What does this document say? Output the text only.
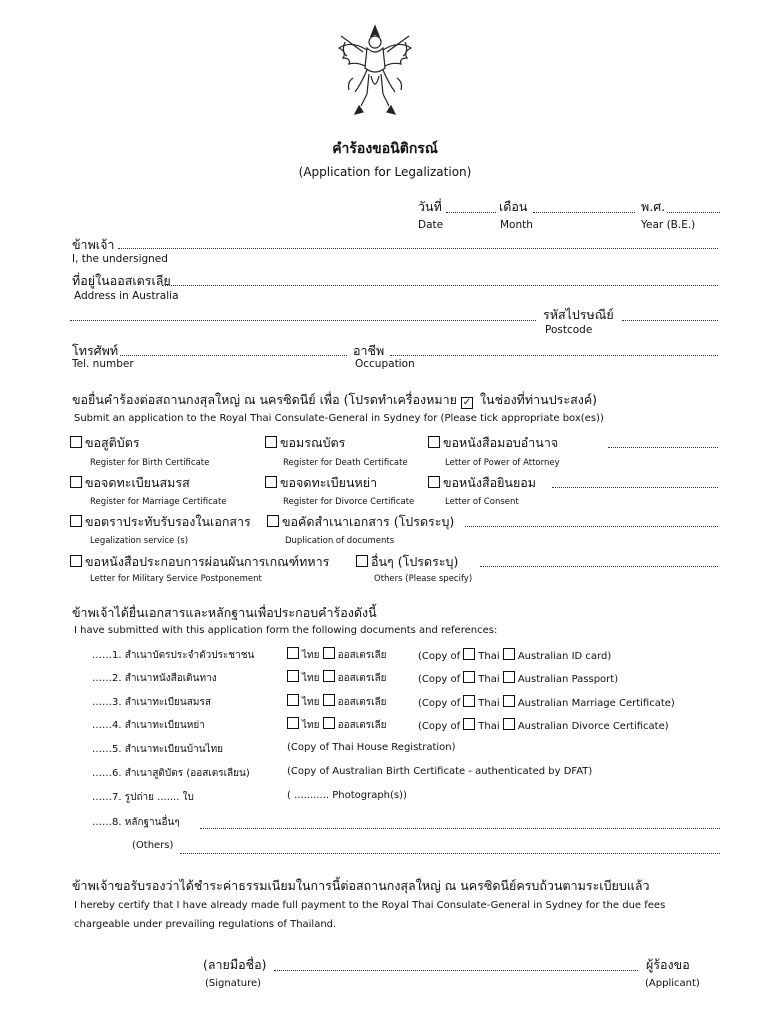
คำร้องขอนิติกรณ์
(Application for Legalization)
วันที่	เดือน	พ.ศ.
Date	Month	Year (B.E.)
ข้าพเจ้า
I, the undersigned
ที่อยู่ในออสเตรเลีย
Address in Australia
รหัสไปรษณีย์
Postcode
โทรศัพท์	อาชีพ
Tel. number	Occupation
ขอยื่นคำร้องต่อสถานกงสุลใหญ่ ณ นครซิดนีย์ เพื่อ (โปรดทำเครื่องหมาย ✓ ในช่องที่ท่านประสงค์)
Submit an application to the Royal Thai Consulate-General in Sydney for (Please tick appropriate box(es))
ขอสูติบัตร	ขอมรณบัตร	ขอหนังสือมอบอำนาจ
Register for Birth Certificate	Register for Death Certificate	Letter of Power of Attorney
ขอจดทะเบียนสมรส	ขอจดทะเบียนหย่า	ขอหนังสือยินยอม
Register for Marriage Certificate	Register for Divorce Certificate	Letter of Consent
ขอตราประทับรับรองในเอกสาร	ขอคัดสำเนาเอกสาร (โปรดระบุ)
Legalization service (s)	Duplication of documents
ขอหนังสือประกอบการผ่อนผันการเกณฑ์ทหาร	อื่นๆ (โปรดระบุ)
Letter for Military Service Postponement	Others (Please specify)
ข้าพเจ้าได้ยื่นเอกสารและหลักฐานเพื่อประกอบคำร้องดังนี้
I have submitted with this application form the following documents and references:
……1. สำเนาบัตรประจำตัวประชาชน	ไทย ออสเตรเลีย	(Copy of Thai Australian ID card)
……2. สำเนาหนังสือเดินทาง	ไทย ออสเตรเลีย	(Copy of Thai Australian Passport)
……3. สำเนาทะเบียนสมรส	ไทย ออสเตรเลีย	(Copy of Thai Australian Marriage Certificate)
……4. สำเนาทะเบียนหย่า	ไทย ออสเตรเลีย	(Copy of Thai Australian Divorce Certificate)
……5. สำเนาทะเบียนบ้านไทย	(Copy of Thai House Registration)
……6. สำเนาสูติบัตร (ออสเตรเลียน)	(Copy of Australian Birth Certificate - authenticated by DFAT)
……7. รูปถ่าย ....... ใบ	( ........... Photograph(s))
……8. หลักฐานอื่นๆ
(Others)
ข้าพเจ้าขอรับรองว่าได้ชำระค่าธรรมเนียมในการนี้ต่อสถานกงสุลใหญ่ ณ นครซิดนีย์ครบถ้วนตามระเบียบแล้ว
I hereby certify that I have already made full payment to the Royal Thai Consulate-General in Sydney for the due fees
chargeable under prevailing regulations of Thailand.
(ลายมือชื่อ)	ผู้ร้องขอ
(Signature)	(Applicant)
